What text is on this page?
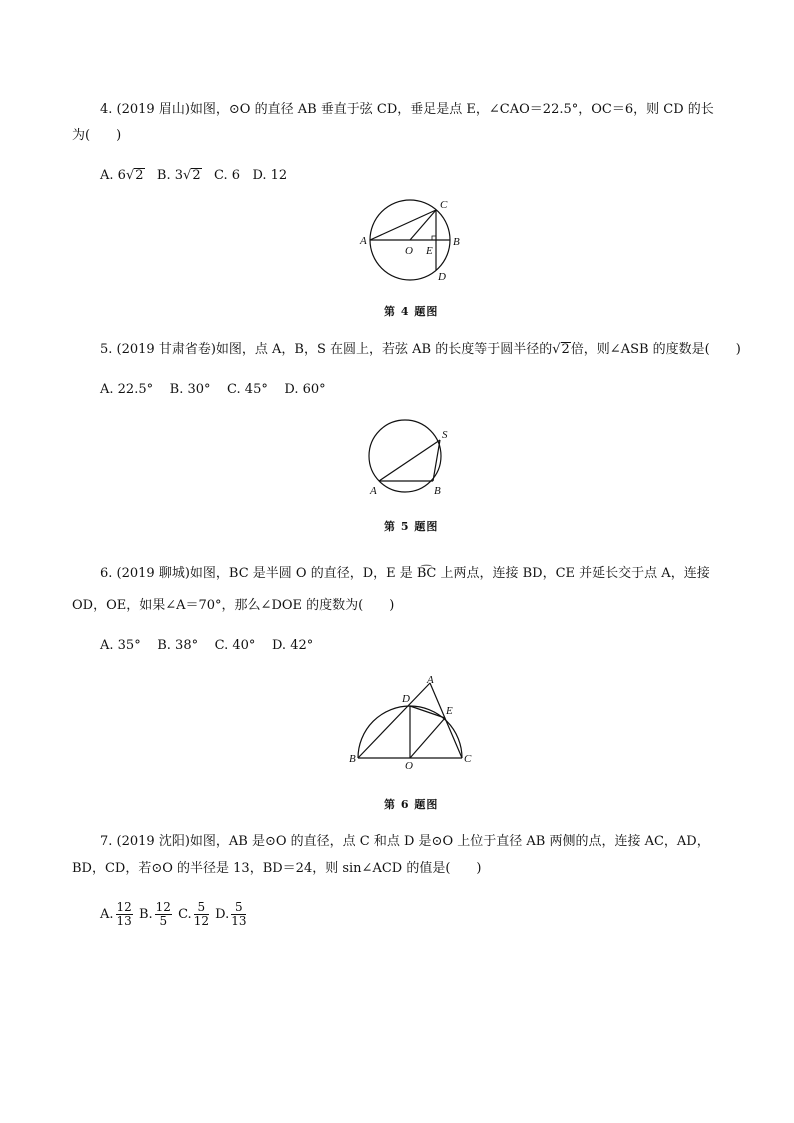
4. (2019 眉山)如图，⊙O 的直径 AB 垂直于弦 CD，垂足是点 E，∠CAO＝22.5°，OC＝6，则 CD 的长
为(　　)
A. 6√2 B. 3√2 C. 6 D. 12
A	B
C
D
O E
第 4 题图
5. (2019 甘肃省卷)如图，点 A，B，S 在圆上，若弦 AB 的长度等于圆半径的√2倍，则∠ASB 的度数是(　　)
A. 22.5° B. 30° C. 45° D. 60°
A	B
S
第 5 题图
6. (2019 聊城)如图，BC 是半圆 O 的直径，D，E 是 B͡C 上两点，连接 BD，CE 并延长交于点 A，连接
OD，OE，如果∠A＝70°，那么∠DOE 的度数为(　　)
A. 35° B. 38° C. 40° D. 42°
A
B	C
D
E
O
第 6 题图
7. (2019 沈阳)如图，AB 是⊙O 的直径，点 C 和点 D 是⊙O 上位于直径 AB 两侧的点，连接 AC，AD，
BD，CD，若⊙O 的半径是 13，BD＝24，则 sin∠ACD 的值是(　　)
A. $\frac{12}{13} B$. $\frac{12}{5} C$. $\frac{5}{12} D$. $\frac{5}{13}$
